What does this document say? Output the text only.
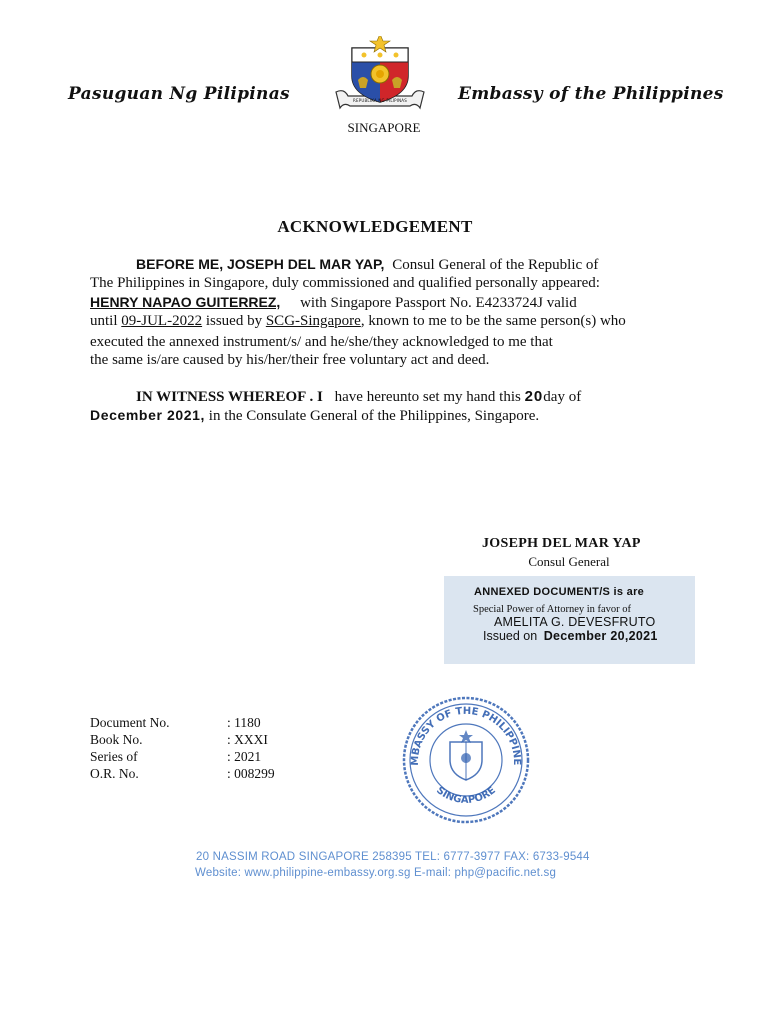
Pasuguan Ng Pilipinas	Embassy of the Philippines
REPUBLIKA NG PILIPINAS
SINGAPORE
ACKNOWLEDGEMENT
BEFORE ME, JOSEPH DEL MAR YAP, Consul General of the Republic of
The Philippines in Singapore, duly commissioned and qualified personally appeared:
HENRY NAPAO GUITERREZ, with Singapore Passport No. E4233724J valid
until 09-JUL-2022 issued by SCG-Singapore, known to me to be the same person(s) who
executed the annexed instrument/s/ and he/she/they acknowledged to me that
the same is/are caused by his/her/their free voluntary act and deed.
IN WITNESS WHEREOF . I have hereunto set my hand this 20day of
December 2021, in the Consulate General of the Philippines, Singapore.
JOSEPH DEL MAR YAP
Consul General
ANNEXED DOCUMENT/S is are
Special Power of Attorney in favor of
AMELITA G. DEVESFRUTO
Issued on December 20,2021
Document No.	: 1180
Book No.	: XXXI
Series of	: 2021
O.R. No.	: 008299
MBASSY OF THE PHILIPPINE
SINGAPORE
20 NASSIM ROAD SINGAPORE 258395 TEL: 6777-3977 FAX: 6733-9544
Website: www.philippine-embassy.org.sg E-mail: php@pacific.net.sg
